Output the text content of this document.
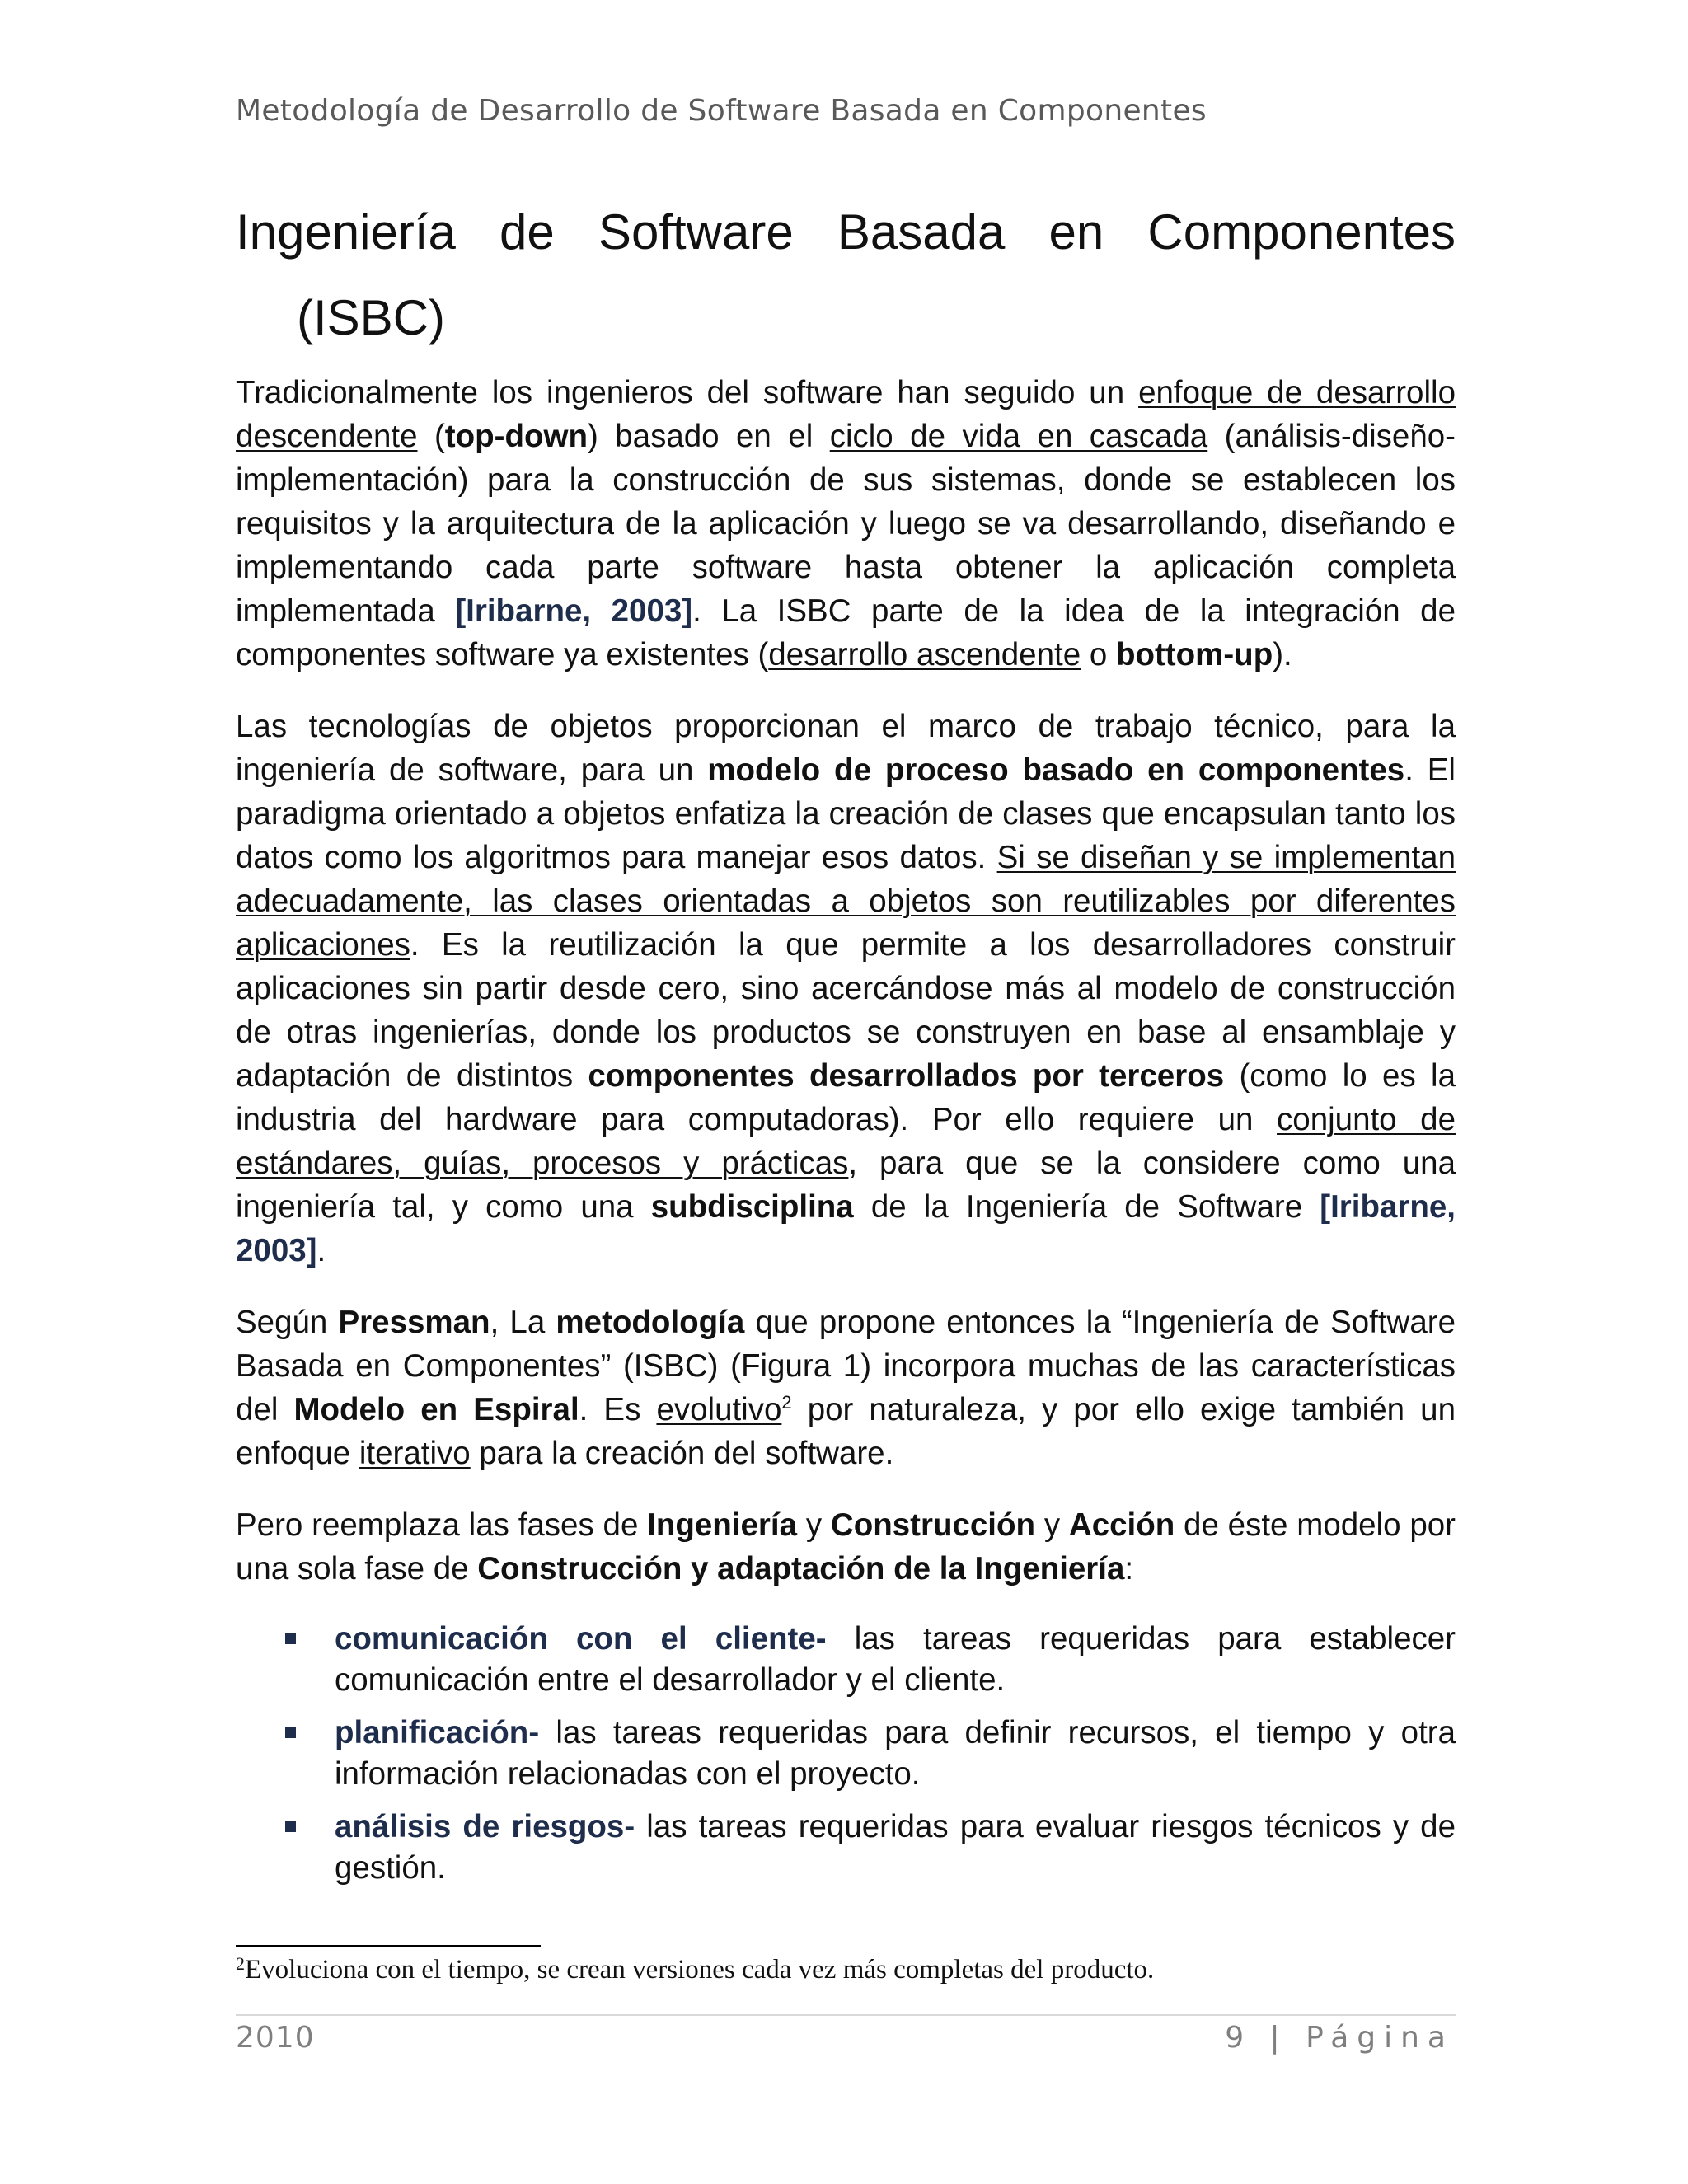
Metodología de Desarrollo de Software Basada en Componentes
Ingeniería de Software Basada en Componentes
(ISBC)

Tradicionalmente los ingenieros del software han seguido un enfoque de desarrollo descendente (top-down) basado en el ciclo de vida en cascada (análisis-diseño-implementación) para la construcción de sus sistemas, donde se establecen los requisitos y la arquitectura de la aplicación y luego se va desarrollando, diseñando e implementando cada parte software hasta obtener la aplicación completa implementada [Iribarne, 2003]. La ISBC parte de la idea de la integración de componentes software ya existentes (desarrollo ascendente o bottom-up).

Las tecnologías de objetos proporcionan el marco de trabajo técnico, para la ingeniería de software, para un modelo de proceso basado en componentes. El paradigma orientado a objetos enfatiza la creación de clases que encapsulan tanto los datos como los algoritmos para manejar esos datos. Si se diseñan y se implementan adecuadamente, las clases orientadas a objetos son reutilizables por diferentes aplicaciones. Es la reutilización la que permite a los desarrolladores construir aplicaciones sin partir desde cero, sino acercándose más al modelo de construcción de otras ingenierías, donde los productos se construyen en base al ensamblaje y adaptación de distintos componentes desarrollados por terceros (como lo es la industria del hardware para computadoras). Por ello requiere un conjunto de estándares, guías, procesos y prácticas, para que se la considere como una ingeniería tal, y como una subdisciplina de la Ingeniería de Software [Iribarne, 2003].

Según Pressman, La metodología que propone entonces la “Ingeniería de Software Basada en Componentes” (ISBC) (Figura 1) incorpora muchas de las características del Modelo en Espiral. Es evolutivo$^2$ por naturaleza, y por ello exige también un enfoque iterativo para la creación del software.

Pero reemplaza las fases de Ingeniería y Construcción y Acción de éste modelo por una sola fase de Construcción y adaptación de la Ingeniería:

comunicación con el cliente- las tareas requeridas para establecer comunicación entre el desarrollador y el cliente.
planificación- las tareas requeridas para definir recursos, el tiempo y otra información relacionadas con el proyecto.
análisis de riesgos- las tareas requeridas para evaluar riesgos técnicos y de gestión.
$^2$Evoluciona con el tiempo, se crean versiones cada vez más completas del producto.
2010	9 | Página
